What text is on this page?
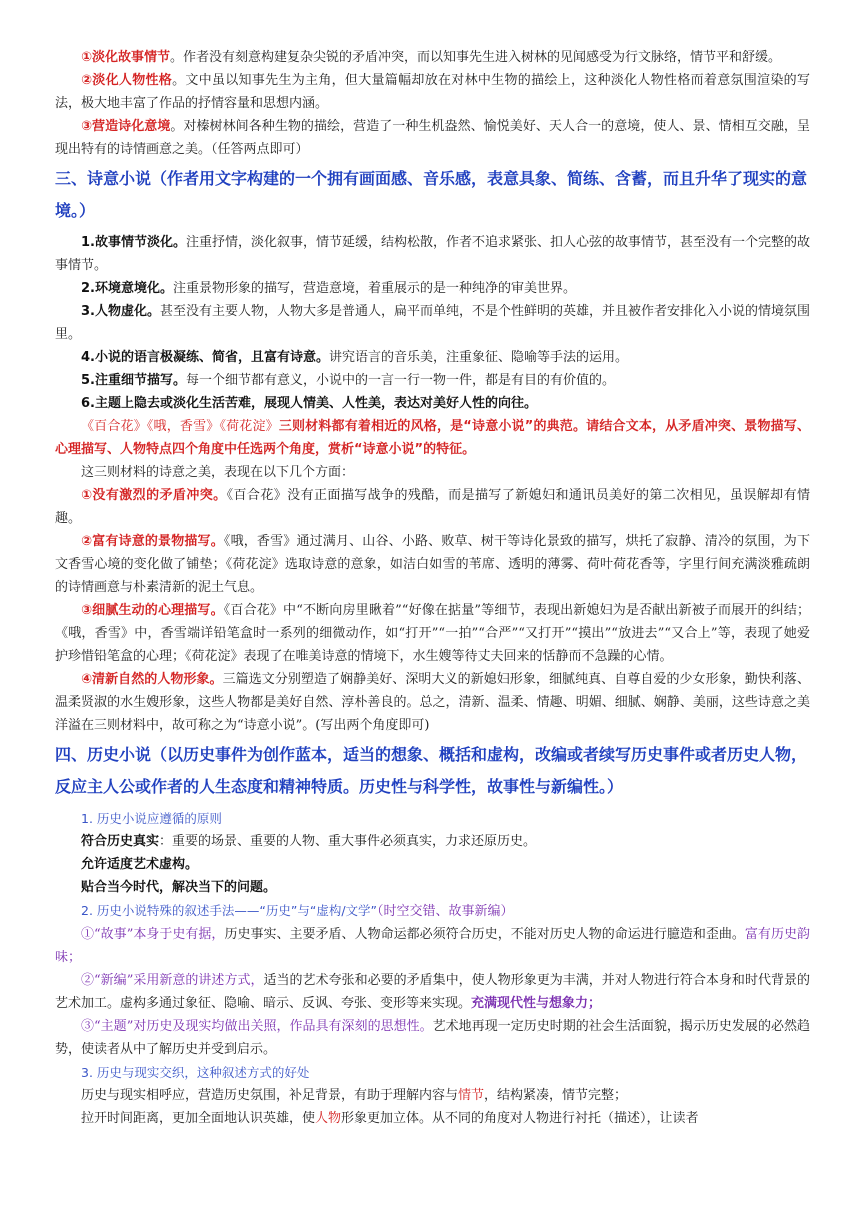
①淡化故事情节。作者没有刻意构建复杂尖锐的矛盾冲突，而以知事先生进入树林的见闻感受为行文脉络，情节平和舒缓。

②淡化人物性格。文中虽以知事先生为主角，但大量篇幅却放在对林中生物的描绘上，这种淡化人物性格而着意氛围渲染的写法，极大地丰富了作品的抒情容量和思想内涵。

③营造诗化意境。对榛树林间各种生物的描绘，营造了一种生机盎然、愉悦美好、天人合一的意境，使人、景、情相互交融，呈现出特有的诗情画意之美。（任答两点即可）

三、诗意小说（作者用文字构建的一个拥有画面感、音乐感，表意具象、简练、含蓄，而且升华了现实的意境。）

1.故事情节淡化。注重抒情，淡化叙事，情节延缓，结构松散，作者不追求紧张、扣人心弦的故事情节，甚至没有一个完整的故事情节。

2.环境意境化。注重景物形象的描写，营造意境，着重展示的是一种纯净的审美世界。

3.人物虚化。甚至没有主要人物，人物大多是普通人，扁平而单纯，不是个性鲜明的英雄，并且被作者安排化入小说的情境氛围里。

4.小说的语言极凝练、简省，且富有诗意。讲究语言的音乐美，注重象征、隐喻等手法的运用。

5.注重细节描写。每一个细节都有意义，小说中的一言一行一物一件，都是有目的有价值的。

6.主题上隐去或淡化生活苦难，展现人情美、人性美，表达对美好人性的向往。

《百合花》《哦，香雪》《荷花淀》三则材料都有着相近的风格，是“诗意小说”的典范。请结合文本，从矛盾冲突、景物描写、心理描写、人物特点四个角度中任选两个角度，赏析“诗意小说”的特征。

这三则材料的诗意之美，表现在以下几个方面：

①没有激烈的矛盾冲突。《百合花》没有正面描写战争的残酷，而是描写了新媳妇和通讯员美好的第二次相见，虽误解却有情趣。

②富有诗意的景物描写。《哦，香雪》通过满月、山谷、小路、败草、树干等诗化景致的描写，烘托了寂静、清冷的氛围，为下文香雪心境的变化做了铺垫；《荷花淀》选取诗意的意象，如洁白如雪的苇席、透明的薄雾、荷叶荷花香等，字里行间充满淡雅疏朗的诗情画意与朴素清新的泥土气息。

③细腻生动的心理描写。《百合花》中“不断向房里瞅着”“好像在掂量”等细节，表现出新媳妇为是否献出新被子而展开的纠结；《哦，香雪》中，香雪端详铅笔盒时一系列的细微动作，如“打开”“一拍”“合严”“又打开”“摸出”“放进去”“又合上”等，表现了她爱护珍惜铅笔盒的心理；《荷花淀》表现了在唯美诗意的情境下，水生嫂等待丈夫回来的恬静而不急躁的心情。

④清新自然的人物形象。三篇选文分别塑造了娴静美好、深明大义的新媳妇形象，细腻纯真、自尊自爱的少女形象，勤快利落、温柔贤淑的水生嫂形象，这些人物都是美好自然、淳朴善良的。总之，清新、温柔、情趣、明媚、细腻、娴静、美丽，这些诗意之美洋溢在三则材料中，故可称之为“诗意小说”。(写出两个角度即可)

四、历史小说（以历史事件为创作蓝本，适当的想象、概括和虚构，改编或者续写历史事件或者历史人物，反应主人公或作者的人生态度和精神特质。历史性与科学性，故事性与新编性。）

1. 历史小说应遵循的原则

符合历史真实：重要的场景、重要的人物、重大事件必须真实，力求还原历史。

允许适度艺术虚构。

贴合当今时代，解决当下的问题。

2. 历史小说特殊的叙述手法——“历史”与“虚构/文学”（时空交错、故事新编）

①“故事”本身于史有据，历史事实、主要矛盾、人物命运都必须符合历史，不能对历史人物的命运进行臆造和歪曲。富有历史韵味；

②“新编”采用新意的讲述方式，适当的艺术夸张和必要的矛盾集中，使人物形象更为丰满，并对人物进行符合本身和时代背景的艺术加工。虚构多通过象征、隐喻、暗示、反讽、夸张、变形等来实现。充满现代性与想象力；

③“主题”对历史及现实均做出关照，作品具有深刻的思想性。艺术地再现一定历史时期的社会生活面貌，揭示历史发展的必然趋势，使读者从中了解历史并受到启示。

3. 历史与现实交织，这种叙述方式的好处

历史与现实相呼应，营造历史氛围，补足背景，有助于理解内容与情节，结构紧凑，情节完整；

拉开时间距离，更加全面地认识英雄，使人物形象更加立体。从不同的角度对人物进行衬托（描述），让读者
